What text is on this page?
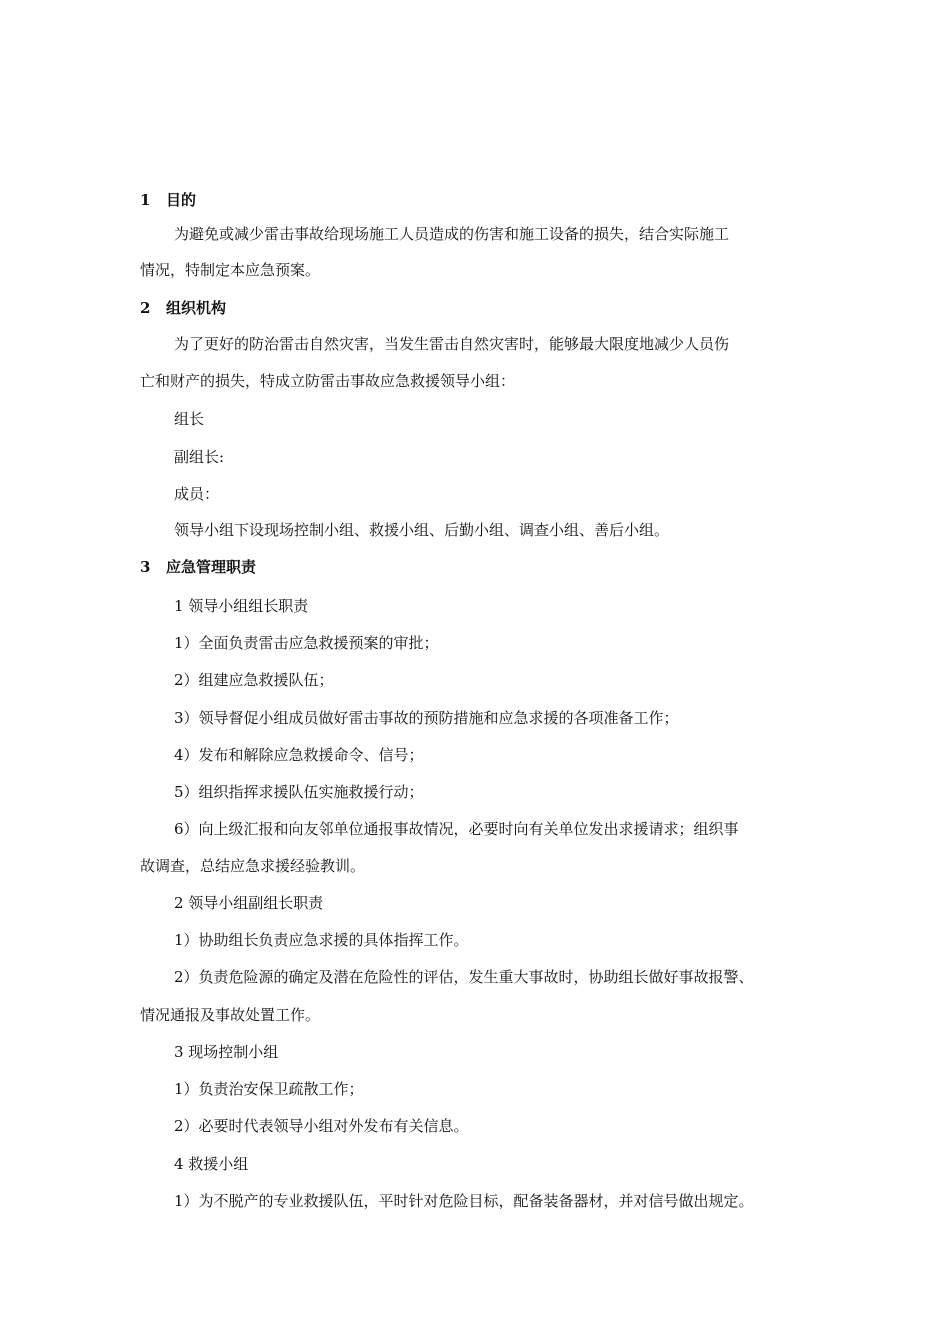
1 目的
为避免或减少雷击事故给现场施工人员造成的伤害和施工设备的损失，结合实际施工
情况，特制定本应急预案。
2 组织机构
为了更好的防治雷击自然灾害，当发生雷击自然灾害时，能够最大限度地减少人员伤
亡和财产的损失，特成立防雷击事故应急救援领导小组：
组长
副组长:
成员：
领导小组下设现场控制小组、救援小组、后勤小组、调查小组、善后小组。
3 应急管理职责
1 领导小组组长职责
1）全面负责雷击应急救援预案的审批；
2）组建应急救援队伍；
3）领导督促小组成员做好雷击事故的预防措施和应急求援的各项准备工作；
4）发布和解除应急救援命令、信号；
5）组织指挥求援队伍实施救援行动；
6）向上级汇报和向友邻单位通报事故情况，必要时向有关单位发出求援请求；组织事
故调查，总结应急求援经验教训。
2 领导小组副组长职责
1）协助组长负责应急求援的具体指挥工作。
2）负责危险源的确定及潜在危险性的评估，发生重大事故时，协助组长做好事故报警、
情况通报及事故处置工作。
3 现场控制小组
1）负责治安保卫疏散工作；
2）必要时代表领导小组对外发布有关信息。
4 救援小组
1）为不脱产的专业救援队伍，平时针对危险目标，配备装备器材，并对信号做出规定。
